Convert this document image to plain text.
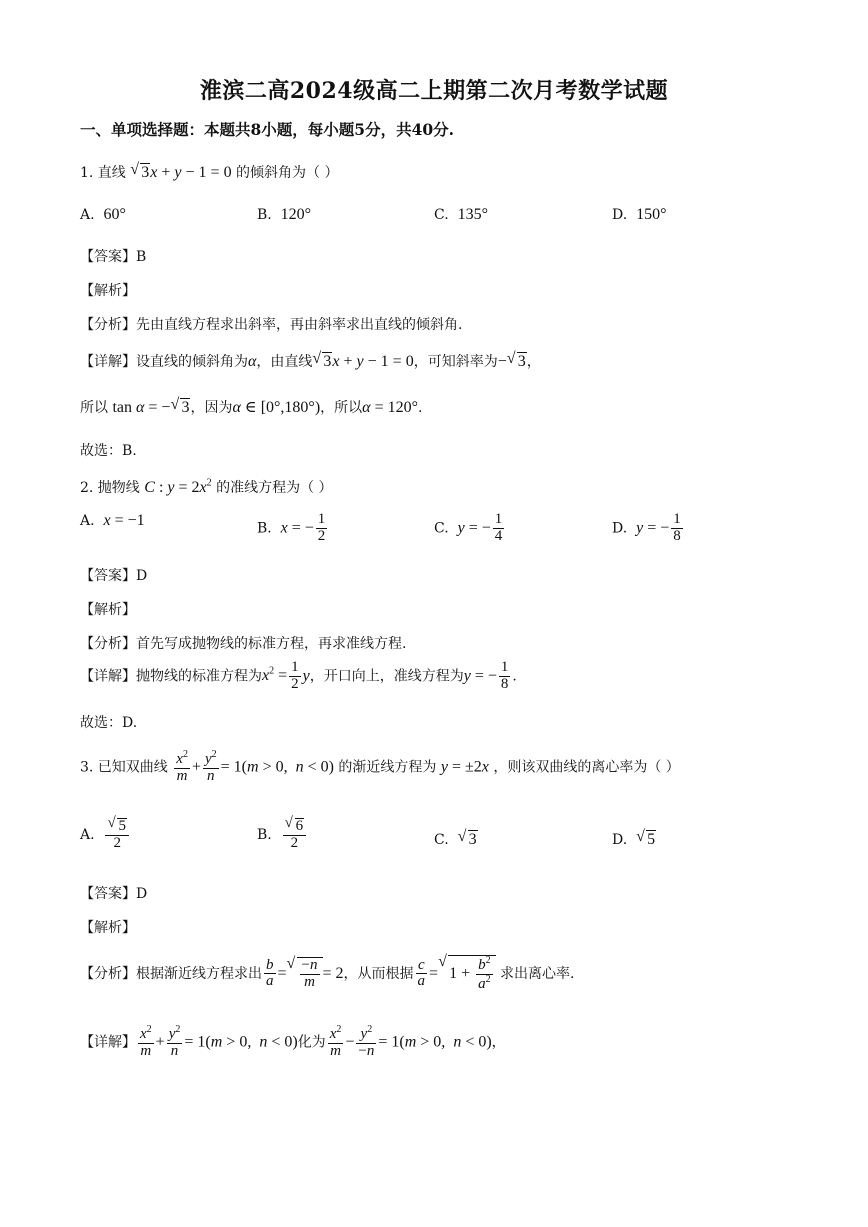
淮滨二高2024级高二上期第二次月考数学试题
一、单项选择题：本题共8小题，每小题5分，共40分.
1. 直线 √ 3x + y − 1 = 0 的倾斜角为（ ）
A. 60°	B. 120°	C. 135°	D. 150°
【答案】B
【解析】
【分析】先由直线方程求出斜率，再由斜率求出直线的倾斜角.
【详解】设直线的倾斜角为α，由直线 √ 3x + y − 1 = 0，可知斜率为− √ 3，
所以 tan α = − √ 3，因为α ∈ [0°,180°)，所以α = 120°.
故选：B.
2. 抛物线 C : $y = 2x^2$ 的准线方程为（ ）
A.  x = −1	B.  x = − $\frac{1}{2}$	C.  y = − $\frac{1}{4}$	D.  y = − $\frac{1}{8}$
【答案】D
【解析】
【分析】首先写成抛物线的标准方程，再求准线方程.
【详解】抛物线的标准方程为$x^2 = \frac{1}{2}$ y，开口向上，准线方程为y = − $\frac{1}{8}$ .
故选：D.
3. 已知双曲线 $\frac{x^2}{m} + \frac{y^2}{n} = 1(m > 0$,  n < 0) 的渐近线方程为 y = ±2x ，则该双曲线的离心率为（ ）
A. √ $\frac{5}{2}$	B. √ $\frac{6}{2}$	C.  √ 3	D.  √ 5
【答案】D
【解析】
【分析】根据渐近线方程求出 $\frac{b}{a}$ = √ $\frac{-n}{m} = 2$，从而根据 $\frac{c}{a}$ = √ $1 + \frac{b^2}{a^2}$ 求出离心率.
【详解】 $\frac{x^2}{m} + \frac{y^2}{n} = 1(m > 0$,  n < 0)化为 $\frac{x^2}{m} - \frac{y^2}{-n} = 1(m > 0$,  n < 0)，
